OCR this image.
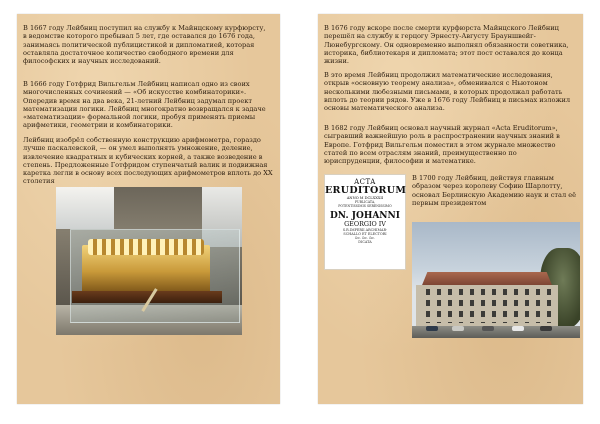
В 1667 году Лейбниц поступил на службу к Майнцскому курфюрсту, в ведомстве которого пребывал 5 лет, где оставался до 1676 года, занимаясь политической публицистикой и дипломатией, которая оставляла достаточное количество свободного времени для философских и научных исследований.

В 1666 году Готфрид Вильгельм Лейбниц написал одно из своих многочисленных сочинений — «Об искусстве комбинаторики». Опередив время на два века, 21-летний Лейбниц задумал проект математизации логики. Лейбниц многократно возвращался к задаче «математизации» формальной логики, пробуя применять приемы арифметики, геометрии и комбинаторики.

Лейбниц изобрёл собственную конструкцию арифмометра, гораздо лучше паскалевской, — он умел выполнять умножение, деление, извлечение квадратных и кубических корней, а также возведение в степень. Предложенные Готфридом ступенчатый валик и подвижная каретка легли в основу всех последующих арифмометров вплоть до XX столетия

В 1676 году вскоре после смерти курфюрста Майнцского Лейбниц перешёл на службу к герцогу Эрнесту-Августу Брауншвейг-Люнебургскому. Он одновременно выполнял обязанности советника, историка, библиотекаря и дипломата; этот пост оставался до конца жизни.

В это время Лейбниц продолжил математические исследования, открыв «основную теорему анализа», обменивался с Ньютоном несколькими любезными письмами, в которых продолжал работать вплоть до теории рядов. Уже в 1676 году Лейбниц в письмах изложил основы математического анализа.

В 1682 году Лейбниц основал научный журнал «Acta Eruditorum», сыгравший важнейшую роль в распространении научных знаний в Европе. Готфрид Вильгельм поместил в этом журнале множество статей по всем отраслям знаний, преимущественно по юриспруденции, философии и математике.

В 1700 году Лейбниц, действуя главным образом через королеву Софию Шарлотту, основал Берлинскую Академию наук и стал её первым президентом

ACTA
ERUDITORUM
ANNO M DCLXXXII
PUBLICATA,
POTENTISSIMIS SERENISSIMO
DN. JOHANNI
GEORGIO IV
S.R.IMPERII ARCHIMAR-
SCHALLO ET ELECTORI
&c. &c. &c.
DICATA
